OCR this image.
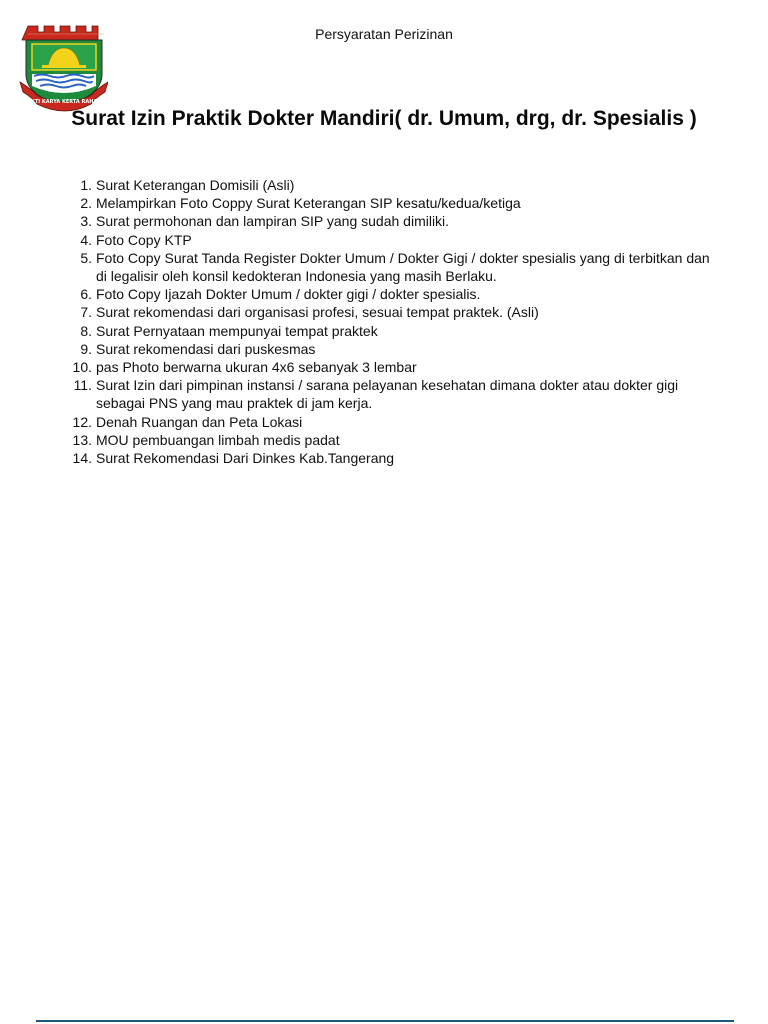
Persyaratan Perizinan
BHAKTI KARYA KERTA RAHARJA
Surat Izin Praktik Dokter Mandiri( dr. Umum, drg, dr. Spesialis )
1. Surat Keterangan Domisili (Asli)
2. Melampirkan Foto Coppy Surat Keterangan SIP kesatu/kedua/ketiga
3. Surat permohonan dan lampiran SIP yang sudah dimiliki.
4. Foto Copy KTP
5. Foto Copy Surat Tanda Register Dokter Umum / Dokter Gigi / dokter spesialis yang di terbitkan dan di legalisir oleh konsil kedokteran Indonesia yang masih Berlaku.
6. Foto Copy Ijazah Dokter Umum / dokter gigi / dokter spesialis.
7. Surat rekomendasi dari organisasi profesi, sesuai tempat praktek. (Asli)
8. Surat Pernyataan mempunyai tempat praktek
9. Surat rekomendasi dari puskesmas
10. pas Photo berwarna ukuran 4x6 sebanyak 3 lembar
11. Surat Izin dari pimpinan instansi / sarana pelayanan kesehatan dimana dokter atau dokter gigi sebagai PNS yang mau praktek di jam kerja.
12. Denah Ruangan dan Peta Lokasi
13. MOU pembuangan limbah medis padat
14. Surat Rekomendasi Dari Dinkes Kab.Tangerang
